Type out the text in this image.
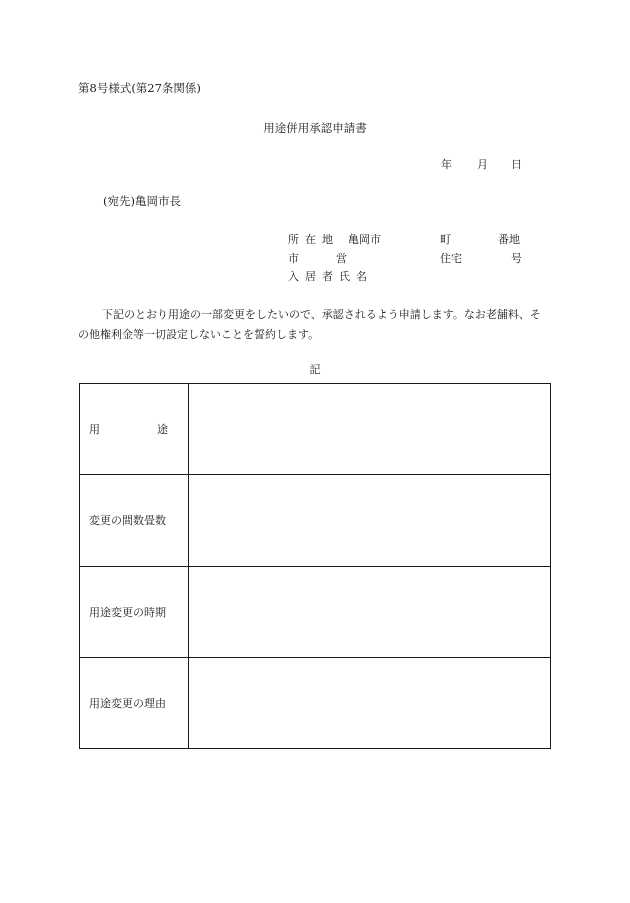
第8号様式(第27条関係)
用途併用承認申請書
年 月 日
(宛先)亀岡市長
所在地 亀岡市	町	番地
市	営	住宅	号
入居者氏名
下記のとおり用途の一部変更をしたいので、承認されるよう申請します。なお老舗料、その他権利金等一切設定しないことを誓約します。
記
用 途	

変更の間数畳数	
用途変更の時期	
用途変更の理由	
